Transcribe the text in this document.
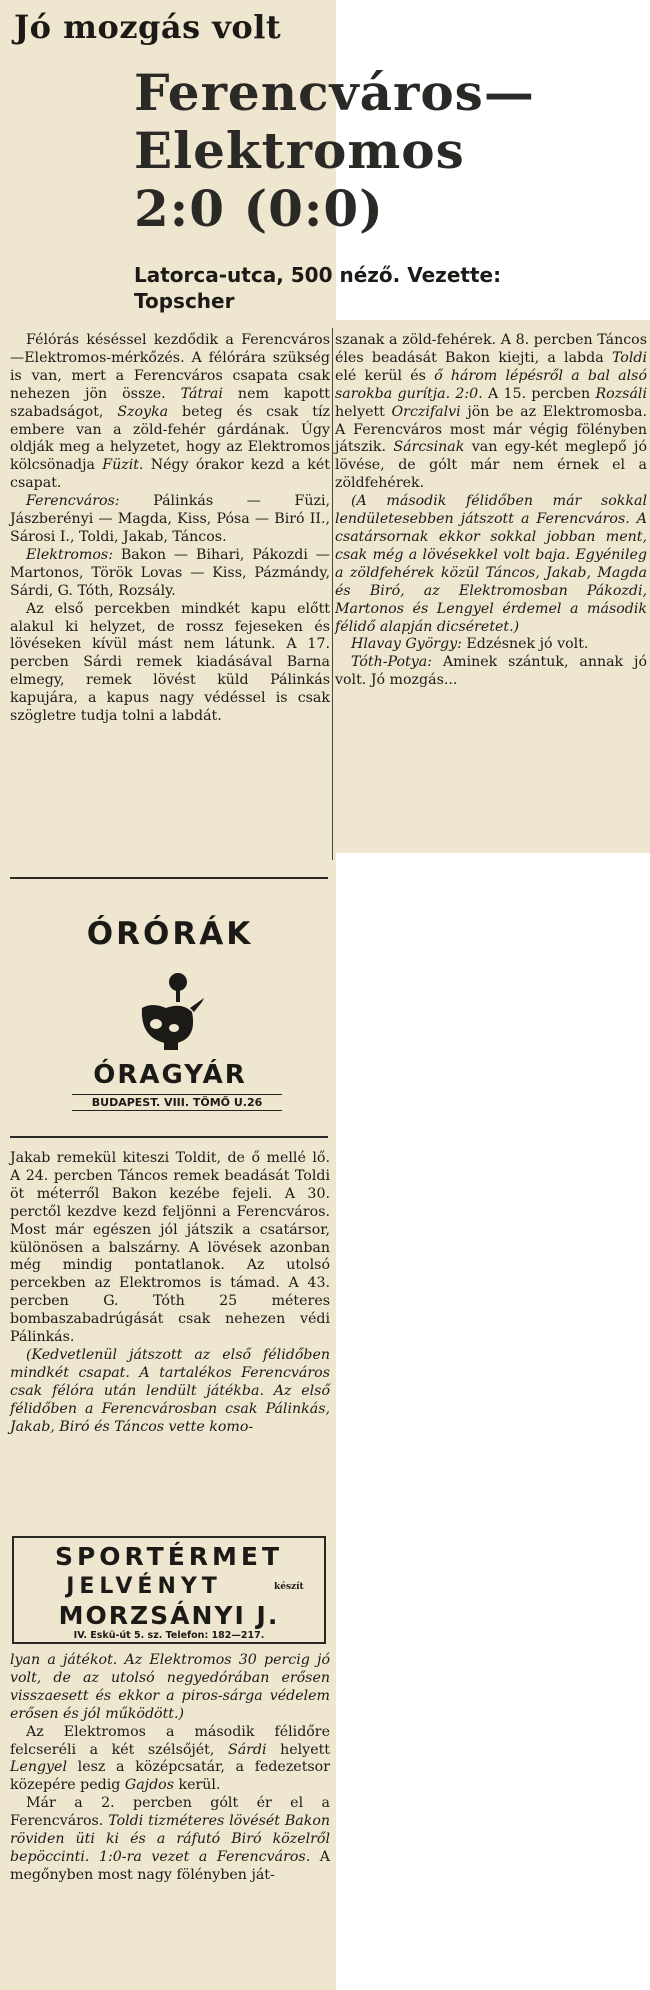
Jó mozgás volt
Ferencváros—
Elektromos
2:0 (0:0)
Latorca-utca, 500 néző. Vezette:
Topscher

Félórás késéssel kezdődik a Ferencváros—Elektromos-mérkőzés. A félórára szükség is van, mert a Ferencváros csapata csak nehezen jön össze. Tátrai nem kapott szabadságot, Szoyka beteg és csak tíz embere van a zöld-fehér gárdának. Úgy oldják meg a helyzetet, hogy az Elektromos kölcsönadja Füzit. Négy órakor kezd a két csapat.

Ferencváros: Pálinkás — Füzi, Jászberényi — Magda, Kiss, Pósa — Biró II., Sárosi I., Toldi, Jakab, Táncos.

Elektromos: Bakon — Bihari, Pákozdi — Martonos, Török Lovas — Kiss, Pázmándy, Sárdi, G. Tóth, Rozsály.

Az első percekben mindkét kapu előtt alakul ki helyzet, de rossz fejeseken és lövéseken kívül mást nem látunk. A 17. percben Sárdi remek kiadásával Barna elmegy, remek lövést küld Pálinkás kapujára, a kapus nagy védéssel is csak szögletre tudja tolni a labdát.

szanak a zöld-fehérek. A 8. percben Táncos éles beadását Bakon kiejti, a labda Toldi elé kerül és ő három lépésről a bal alsó sarokba gurítja. 2:0. A 15. percben Rozsáli helyett Orczifalvi jön be az Elektromosba. A Ferencváros most már végig fölényben játszik. Sárcsinak van egy-két meglepő jó lövése, de gólt már nem érnek el a zöldfehérek.

(A második félidőben már sokkal lendületesebben játszott a Ferencváros. A csatársornak ekkor sokkal jobban ment, csak még a lövésekkel volt baja. Egyénileg a zöldfehérek közül Táncos, Jakab, Magda és Biró, az Elektromosban Pákozdi, Martonos és Lengyel érdemel a második félidő alapján dicséretet.)

Hlavay György: Edzésnek jó volt.

Tóth-Potya: Aminek szántuk, annak jó volt. Jó mozgás...

ÓRÓRÁK
ÓRAGYÁR
BUDAPEST. VIII. TÖMŐ U.26

Jakab remekül kiteszi Toldit, de ő mellé lő. A 24. percben Táncos remek beadását Toldi öt méterről Bakon kezébe fejeli. A 30. perctől kezdve kezd feljönni a Ferencváros. Most már egészen jól játszik a csatársor, különösen a balszárny. A lövések azonban még mindig pontatlanok. Az utolsó percekben az Elektromos is támad. A 43. percben G. Tóth 25 méteres bombaszabadrúgását csak nehezen védi Pálinkás.

(Kedvetlenül játszott az első félidőben mindkét csapat. A tartalékos Ferencváros csak félóra után lendült játékba. Az első félidőben a Ferencvárosban csak Pálinkás, Jakab, Biró és Táncos vette komo-

SPORTÉRMET
JELVÉNYT	készít
MORZSÁNYI J.
IV. Eskü-út 5. sz. Telefon: 182—217.

lyan a játékot. Az Elektromos 30 percig jó volt, de az utolsó negyedórában erősen visszaesett és ekkor a piros-sárga védelem erősen és jól működött.)

Az Elektromos a második félidőre felcseréli a két szélsőjét, Sárdi helyett Lengyel lesz a középcsatár, a fedezetsor közepére pedig Gajdos kerül.

Már a 2. percben gólt ér el a Ferencváros. Toldi tizméteres lövését Bakon röviden üti ki és a ráfutó Biró közelről bepöccinti. 1:0-ra vezet a Ferencváros. A megőnyben most nagy fölényben ját-
